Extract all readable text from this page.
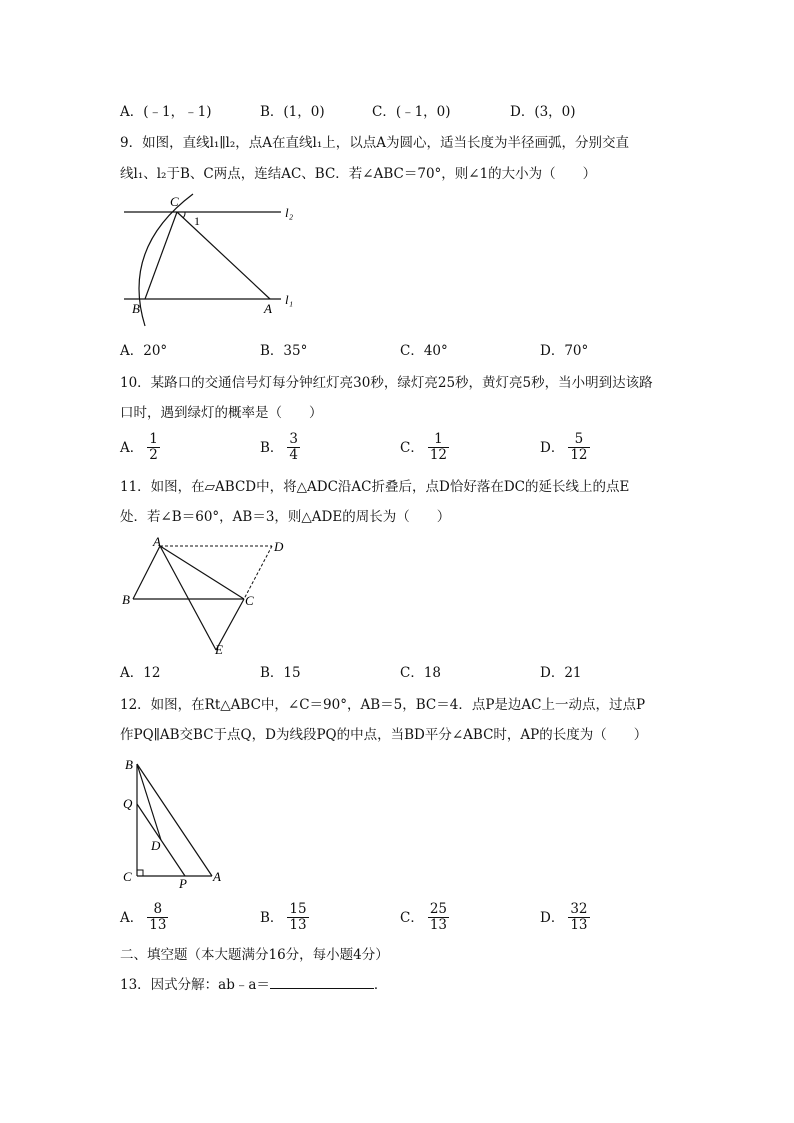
A．(﹣1，﹣1)	B．(1，0)	C．(﹣1，0)	D．(3，0)
9．如图，直线l₁∥l₂，点A在直线l₁上，以点A为圆心，适当长度为半径画弧，分别交直
线l₁、l₂于B、C两点，连结AC、BC．若∠ABC＝70°，则∠1的大小为（　　）
C
1
l₂
B	A
l₁
A．20°	B．35°	C．40°	D．70°
10．某路口的交通信号灯每分钟红灯亮30秒，绿灯亮25秒，黄灯亮5秒，当小明到达该路
口时，遇到绿灯的概率是（　　）
A． $\frac{1}{2}$	B． $\frac{3}{4}$	C． $\frac{1}{12}$	D． $\frac{5}{12}$
11．如图，在▱ABCD中，将△ADC沿AC折叠后，点D恰好落在DC的延长线上的点E
处．若∠B＝60°，AB＝3，则△ADE的周长为（　　）
A	D
B	C
E
A．12	B．15	C．18	D．21
12．如图，在Rt△ABC中，∠C＝90°，AB＝5，BC＝4．点P是边AC上一动点，过点P
作PQ∥AB交BC于点Q，D为线段PQ的中点，当BD平分∠ABC时，AP的长度为（　　）
B
Q
D
C	P A
A． $\frac{8}{13}$	B． $\frac{15}{13}$	C． $\frac{25}{13}$	D． $\frac{32}{13}$
二、填空题（本大题满分16分，每小题4分）
13．因式分解：ab﹣a＝	．
